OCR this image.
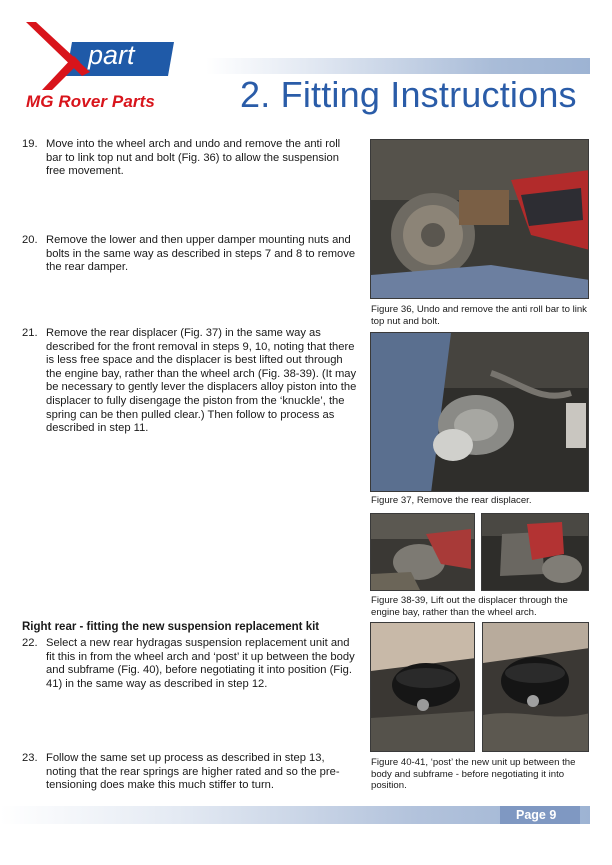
part
MG Rover Parts 2. Fitting Instructions
19. Move into the wheel arch and undo and remove the anti roll bar to link top nut and bolt (Fig. 36) to allow the suspension free movement.
20. Remove the lower and then upper damper mounting nuts and bolts in the same way as described in steps 7 and 8 to remove the rear damper.
21. Remove the rear displacer (Fig. 37) in the same way as described for the front removal in steps 9, 10, noting that there is less free space and the displacer is best lifted out through the engine bay, rather than the wheel arch (Fig. 38-39). (It may be necessary to gently lever the displacers alloy piston into the displacer to fully disengage the piston from the ‘knuckle’, the spring can be then pulled clear.) Then follow to process as described in step 11.
Right rear - fitting the new suspension replacement kit
22. Select a new rear hydragas suspension replacement unit and fit this in from the wheel arch and ‘post’ it up between the body and subframe (Fig. 40), before negotiating it into position (Fig. 41) in the same way as described in step 12.
23. Follow the same set up process as described in step 13, noting that the rear springs are higher rated and so the pre-tensioning does make this much stiffer to turn.
Figure 36, Undo and remove the anti roll bar to link top nut and bolt.
Figure 37, Remove the rear displacer.
Figure 38-39, Lift out the displacer through the engine bay, rather than the wheel arch.
Figure 40-41, ‘post’ the new unit up between the body and subframe - before negotiating it into position.
Page 9
